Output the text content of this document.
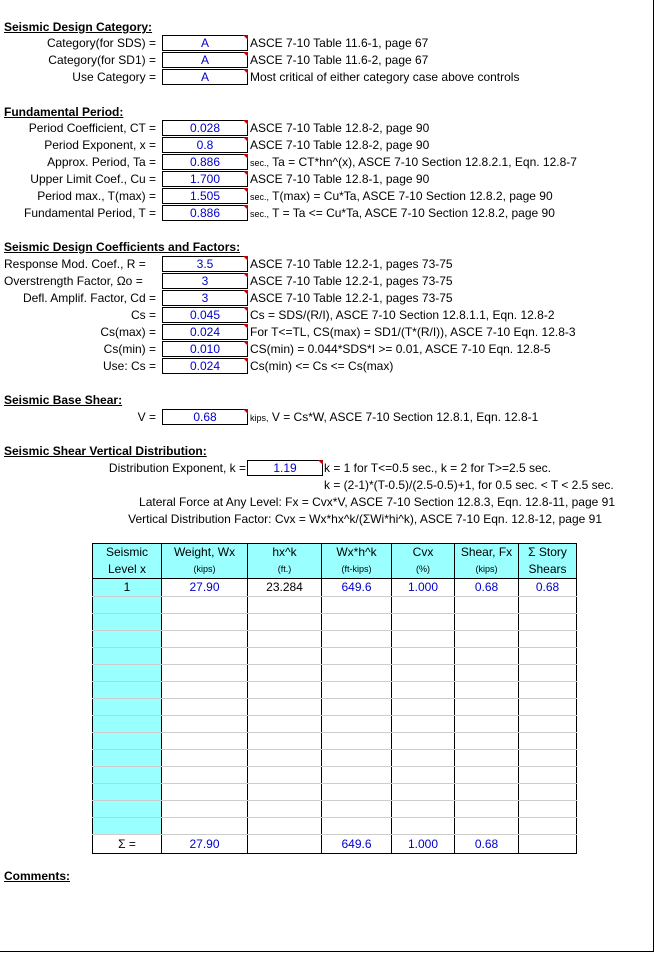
Seismic Design Category:
Category(for SDS) =	A	ASCE 7-10 Table 11.6-1, page 67
Category(for SD1) =	A	ASCE 7-10 Table 11.6-2, page 67
Use Category =	A	Most critical of either category case above controls
Fundamental Period:
Period Coefficient, CT =	0.028	ASCE 7-10 Table 12.8-2, page 90
Period Exponent, x =	0.8	ASCE 7-10 Table 12.8-2, page 90
Approx. Period, Ta =	0.886	sec., Ta = CT*hn^(x), ASCE 7-10 Section 12.8.2.1, Eqn. 12.8-7
Upper Limit Coef., Cu =	1.700	ASCE 7-10 Table 12.8-1, page 90
Period max., T(max) =	1.505	sec., T(max) = Cu*Ta, ASCE 7-10 Section 12.8.2, page 90
Fundamental Period, T =	0.886	sec., T = Ta <= Cu*Ta, ASCE 7-10 Section 12.8.2, page 90
Seismic Design Coefficients and Factors:
Response Mod. Coef., R =	3.5	ASCE 7-10 Table 12.2-1, pages 73-75
Overstrength Factor, Ωo =	3	ASCE 7-10 Table 12.2-1, pages 73-75
Defl. Amplif. Factor, Cd =	3	ASCE 7-10 Table 12.2-1, pages 73-75
Cs =	0.045	Cs = SDS/(R/I), ASCE 7-10 Section 12.8.1.1, Eqn. 12.8-2
Cs(max) =	0.024	For T<=TL, CS(max) = SD1/(T*(R/I)), ASCE 7-10 Eqn. 12.8-3
Cs(min) =	0.010	CS(min) = 0.044*SDS*I >= 0.01, ASCE 7-10 Eqn. 12.8-5
Use: Cs =	0.024	Cs(min) <= Cs <= Cs(max)
Seismic Base Shear:
V =	0.68	kips, V = Cs*W, ASCE 7-10 Section 12.8.1, Eqn. 12.8-1
Seismic Shear Vertical Distribution:
Distribution Exponent, k =	1.19	k = 1 for T<=0.5 sec., k = 2 for T>=2.5 sec.
k = (2-1)*(T-0.5)/(2.5-0.5)+1, for 0.5 sec. < T < 2.5 sec.
Lateral Force at Any Level: Fx = Cvx*V, ASCE 7-10 Section 12.8.3, Eqn. 12.8-11, page 91
Vertical Distribution Factor: Cvx = Wx*hx^k/(ΣWi*hi^k), ASCE 7-10 Eqn. 12.8-12, page 91
Seismic	Weight, Wx	hx^k	Wx*h^k	Cvx	Shear, Fx	Σ Story
Level x	(kips)	(ft.)	(ft-kips)	(%)	(kips)	Shears
1	27.90	23.284	649.6	1.000	0.68	0.68

Σ =	27.90		649.6	1.000	0.68	
Comments:
